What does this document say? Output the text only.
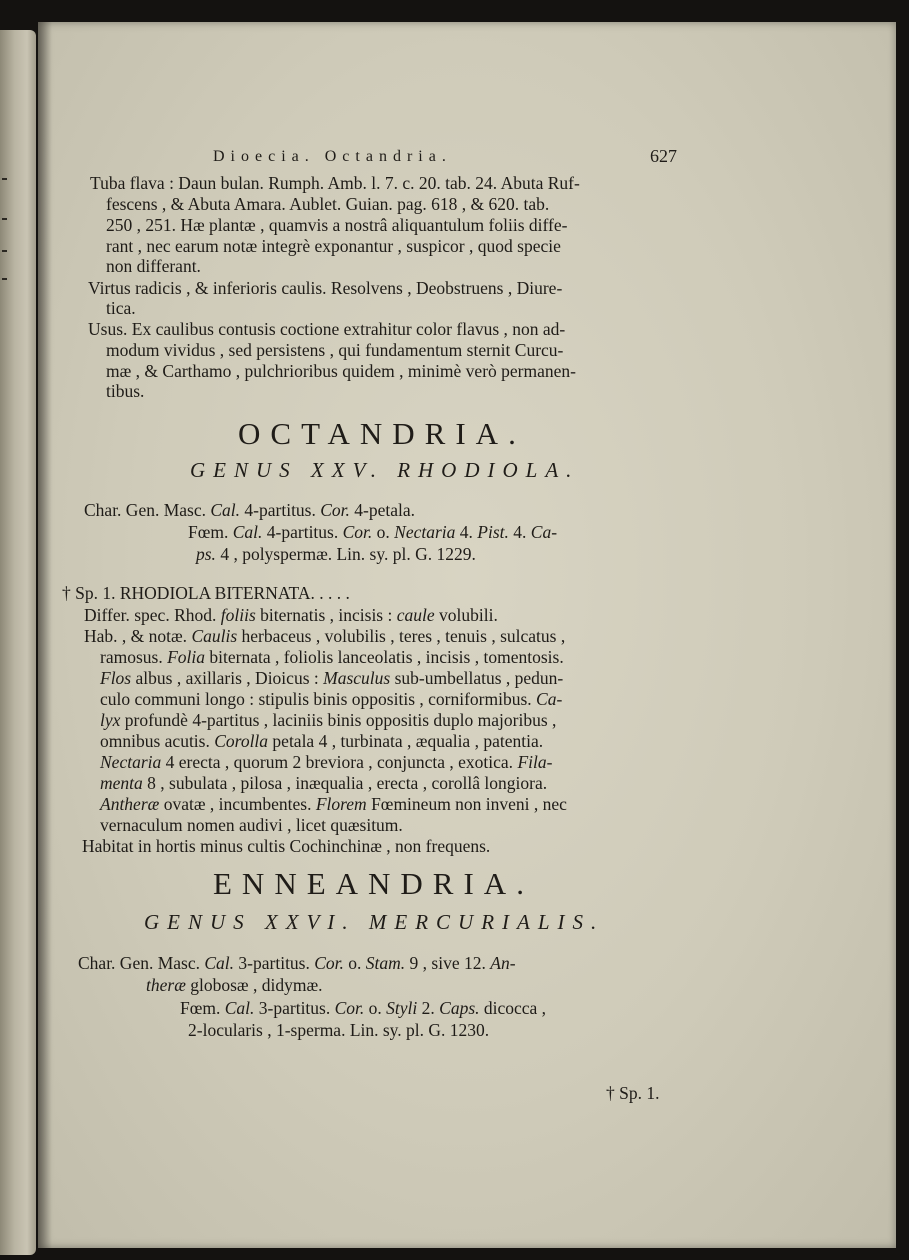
Dioecia. Octandria.	627
Tuba flava : Daun bulan. Rumph. Amb. l. 7. c. 20. tab. 24. Abuta Ruf-
fescens , & Abuta Amara. Aublet. Guian. pag. 618 , & 620. tab.
250 , 251. Hæ plantæ , quamvis a nostrâ aliquantulum foliis diffe-
rant , nec earum notæ integrè exponantur , suspicor , quod specie
non differant.
Virtus radicis , & inferioris caulis. Resolvens , Deobstruens , Diure-
tica.
Usus. Ex caulibus contusis coctione extrahitur color flavus , non ad-
modum vividus , sed persistens , qui fundamentum sternit Curcu-
mæ , & Carthamo , pulchrioribus quidem , minimè verò permanen-
tibus.
OCTANDRIA.
GENUS XXV. RHODIOLA.
Char. Gen. Masc. Cal. 4-partitus. Cor. 4-petala.
Fœm. Cal. 4-partitus. Cor. o. Nectaria 4. Pist. 4. Ca-
ps. 4 , polyspermæ. Lin. sy. pl. G. 1229.
† Sp. 1. RHODIOLA BITERNATA. . . . .
Differ. spec. Rhod. foliis biternatis , incisis : caule volubili.
Hab. , & notæ. Caulis herbaceus , volubilis , teres , tenuis , sulcatus ,
ramosus. Folia biternata , foliolis lanceolatis , incisis , tomentosis.
Flos albus , axillaris , Dioicus : Masculus sub-umbellatus , pedun-
culo communi longo : stipulis binis oppositis , corniformibus. Ca-
lyx profundè 4-partitus , laciniis binis oppositis duplo majoribus ,
omnibus acutis. Corolla petala 4 , turbinata , æqualia , patentia.
Nectaria 4 erecta , quorum 2 breviora , conjuncta , exotica. Fila-
menta 8 , subulata , pilosa , inæqualia , erecta , corollâ longiora.
Antheræ ovatæ , incumbentes. Florem Fœmineum non inveni , nec
vernaculum nomen audivi , licet quæsitum.
Habitat in hortis minus cultis Cochinchinæ , non frequens.
ENNEANDRIA.
GENUS XXVI. MERCURIALIS.
Char. Gen. Masc. Cal. 3-partitus. Cor. o. Stam. 9 , sive 12. An-
theræ globosæ , didymæ.
Fœm. Cal. 3-partitus. Cor. o. Styli 2. Caps. dicocca ,
2-locularis , 1-sperma. Lin. sy. pl. G. 1230.
† Sp. 1.
